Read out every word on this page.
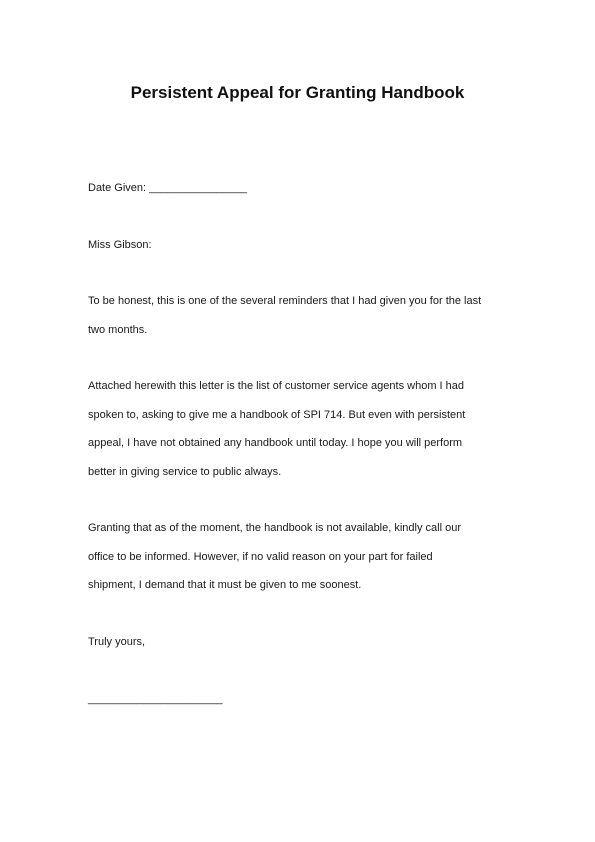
Persistent Appeal for Granting Handbook

Date Given: ________________

Miss Gibson:

To be honest, this is one of the several reminders that I had given you for the last

two months.

Attached herewith this letter is the list of customer service agents whom I had

spoken to, asking to give me a handbook of SPI 714. But even with persistent

appeal, I have not obtained any handbook until today. I hope you will perform

better in giving service to public always.

Granting that as of the moment, the handbook is not available, kindly call our

office to be informed. However, if no valid reason on your part for failed

shipment, I demand that it must be given to me soonest.

Truly yours,

______________________
